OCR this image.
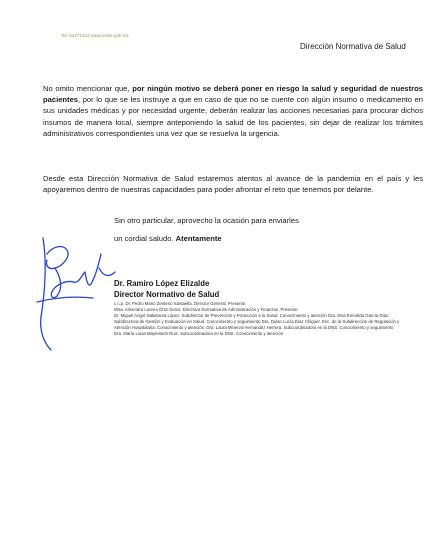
Tel. 54471434 www.issste.gob.mx
Dirección Normativa de Salud
No omito mencionar que, por ningún motivo se deberá poner en riesgo la salud y seguridad de nuestros pacientes, por lo que se les instruye a que en caso de que no se cuente con algún insumo o medicamento en sus unidades médicas y por necesidad urgente, deberán realizar las acciones necesarias para procurar dichos insumos de manera local, siempre anteponiendo la salud de los pacientes, sin dejar de realizar los trámites administrativos correspondientes una vez que se resuelva la urgencia.
Desde esta Dirección Normativa de Salud estaremos atentos al avance de la pandemia en el país y les apoyaremos dentro de nuestras capacidades para poder afrontar el reto que tenemos por delante.
Sin otro particular, aprovecho la ocasión para enviarles
un cordial saludo. Atentamente
Dr. Ramiro López Elizalde
Director Normativo de Salud
c.c.p. Dr. Pedro Mario Zenteno Santaella. Director General. Presente.
Mtra. Almendra Lorena Ortiz Genis. Directora Normativa de Administración y Finanzas. Presente
Dr. Miguel Angel Nakamura López. Subdirector de Prevención y Protección a la Salud. Conocimiento y atención Dra. Elsa Erendida García Díaz. Subdirectora de Gestión y Evaluación en Salud. Conocimiento y seguimiento Dra. Dylan Lucía Díaz Chiguer. Enc. de la Subdirección de Regulación y Atención Hospitalaria. Conocimiento y atención. Dra. Laura Minerva Hernandez Herrera. Subcoordinadora en la DNS. Conocimiento y seguimiento
Dra. María Luisa Mayerstein Ruiz. Subcoordinadora en la DNS. Conocimiento y atención
